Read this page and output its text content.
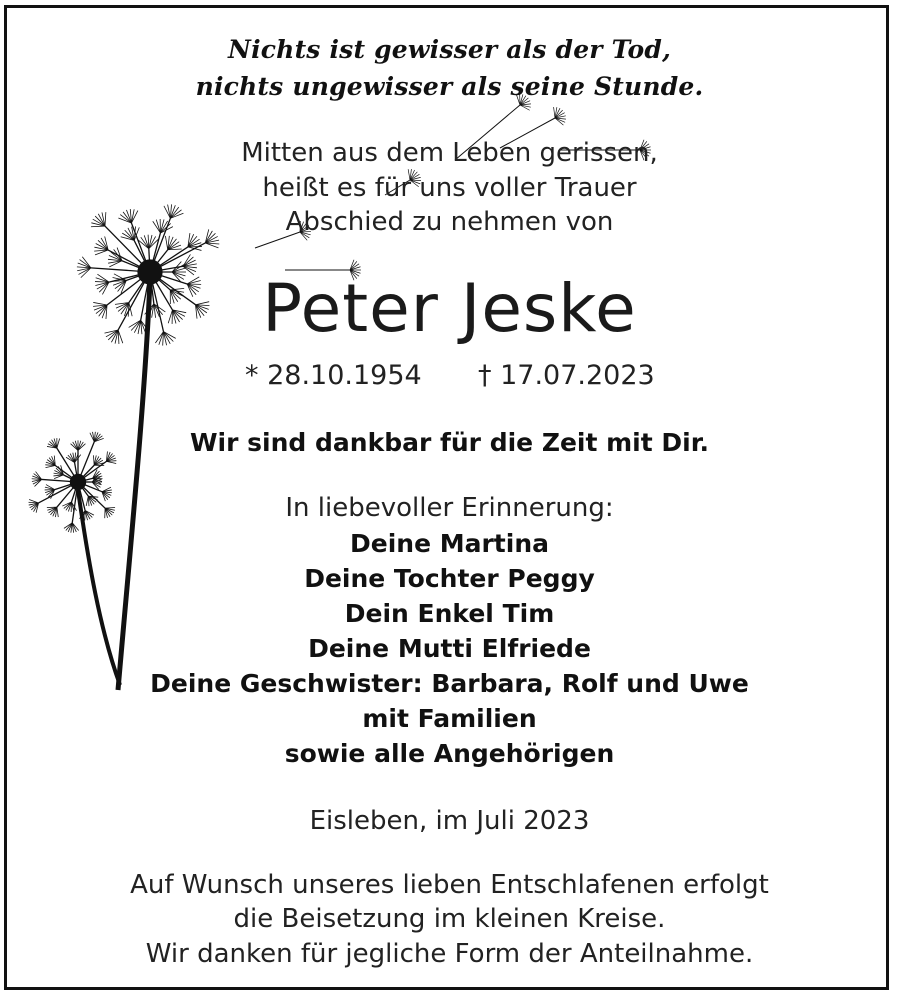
Nichts ist gewisser als der Tod,
nichts ungewisser als seine Stunde.
Mitten aus dem Leben gerissen,
heißt es für uns voller Trauer
Abschied zu nehmen von
Peter Jeske
* 28.10.1954 † 17.07.2023
Wir sind dankbar für die Zeit mit Dir.
In liebevoller Erinnerung:
Deine Martina
Deine Tochter Peggy
Dein Enkel Tim
Deine Mutti Elfriede
Deine Geschwister: Barbara, Rolf und Uwe
mit Familien
sowie alle Angehörigen
Eisleben, im Juli 2023
Auf Wunsch unseres lieben Entschlafenen erfolgt
die Beisetzung im kleinen Kreise.
Wir danken für jegliche Form der Anteilnahme.
